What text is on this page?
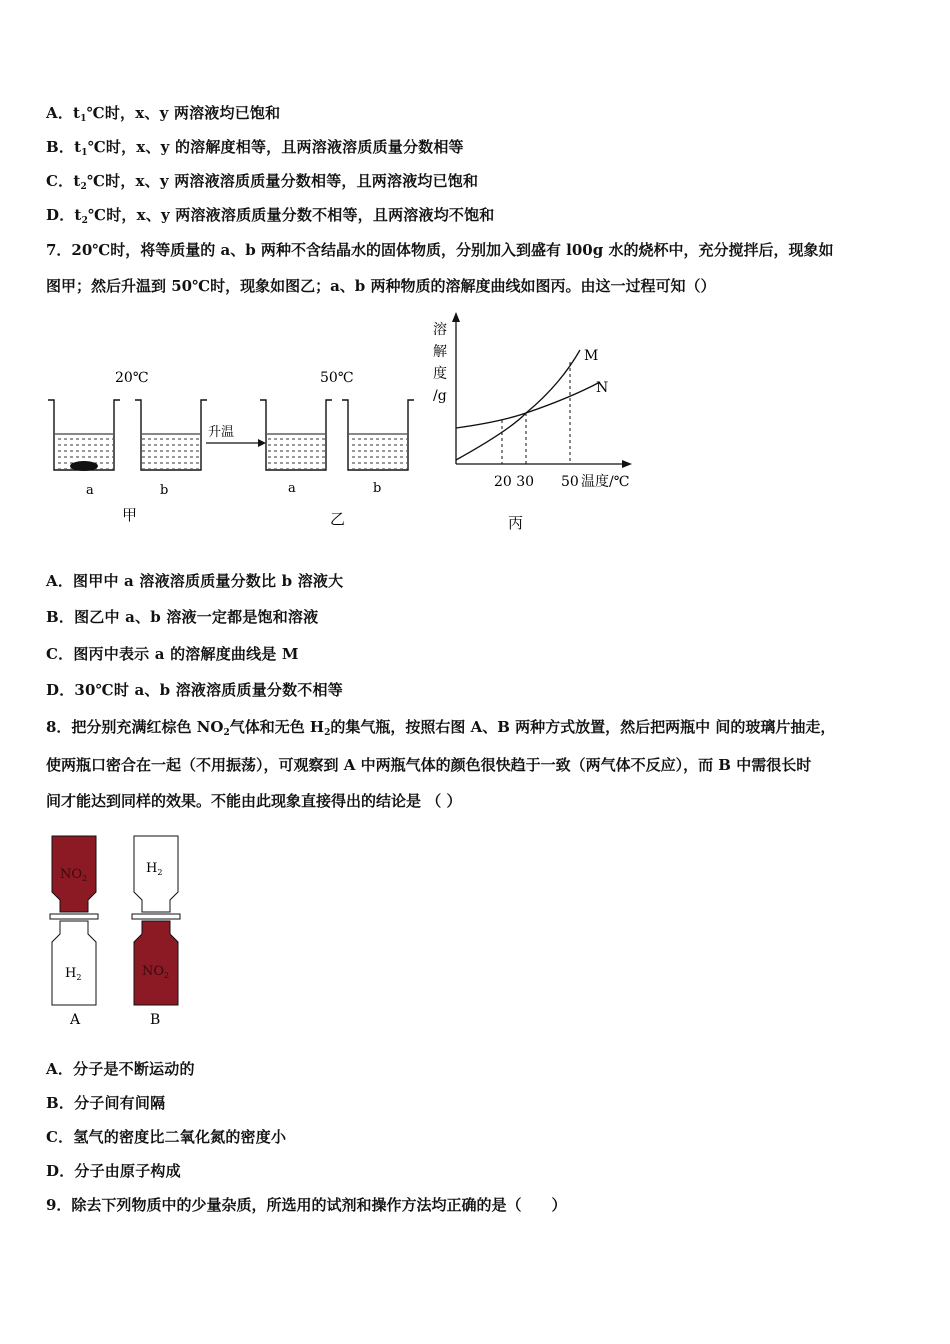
A．$t_1℃$时，x、y 两溶液均已饱和
B．$t_1℃$时，x、y 的溶解度相等，且两溶液溶质质量分数相等
C．$t_2℃$时，x、y 两溶液溶质质量分数相等，且两溶液均已饱和
D．$t_2℃$时，x、y 两溶液溶质质量分数不相等，且两溶液均不饱和
7．20℃时，将等质量的 a、b 两种不含结晶水的固体物质，分别加入到盛有 l00g 水的烧杯中，充分搅拌后，现象如
图甲；然后升温到 50℃时，现象如图乙；a、b 两种物质的溶解度曲线如图丙。由这一过程可知（）
20℃	50℃
升温
a	b	a	b
甲	乙	丙
溶
解
度
/g
M
N
20 30 50 温度/℃
A．图甲中 a 溶液溶质质量分数比 b 溶液大
B．图乙中 a、b 溶液一定都是饱和溶液
C．图丙中表示 a 的溶解度曲线是 M
D．30℃时 a、b 溶液溶质质量分数不相等
8．把分别充满红棕色 $NO_2$气体和无色 $H_2$的集气瓶，按照右图 A、B 两种方式放置，然后把两瓶中 间的玻璃片抽走，
使两瓶口密合在一起（不用振荡），可观察到 A 中两瓶气体的颜色很快趋于一致（两气体不反应），而 B 中需很长时
间才能达到同样的效果。不能由此现象直接得出的结论是 （ ）
$NO_2$
$H_2$
A
$H_2$
$NO_2$
B
A．分子是不断运动的
B．分子间有间隔
C．氢气的密度比二氧化氮的密度小
D．分子由原子构成
9．除去下列物质中的少量杂质，所选用的试剂和操作方法均正确的是（　　）
